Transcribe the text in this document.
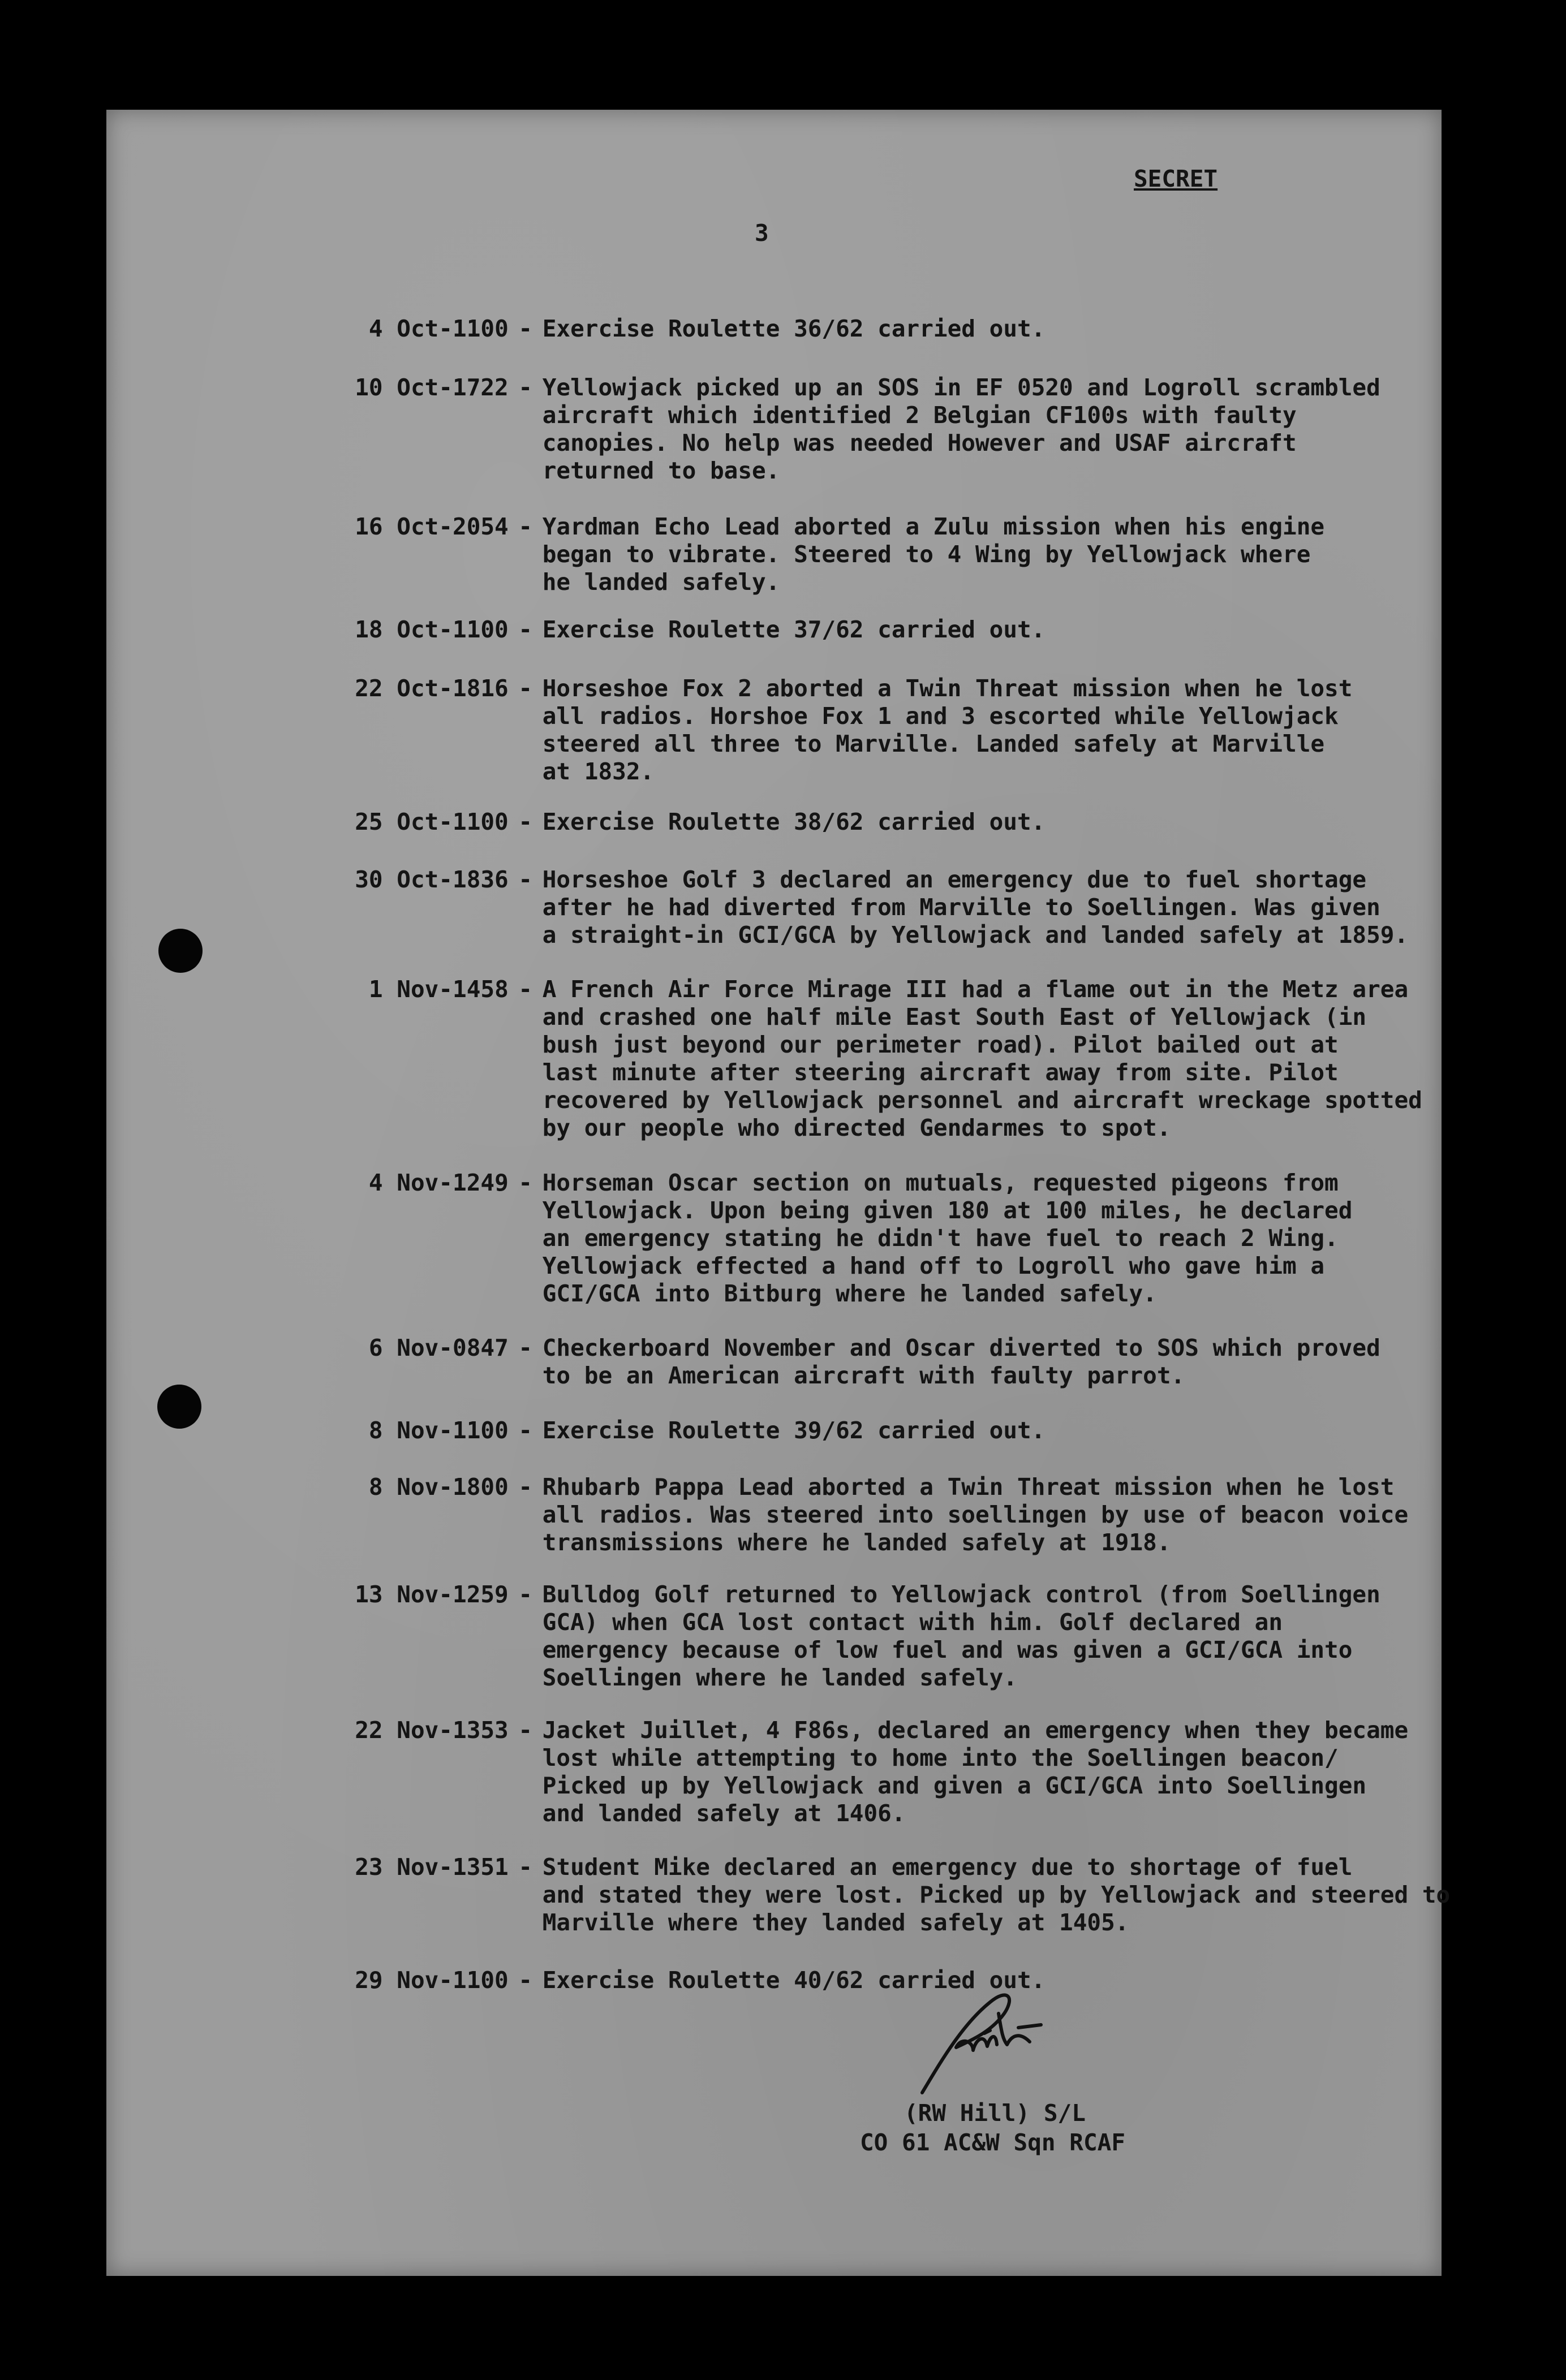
SECRET
3

4 Oct-1100 - Exercise Roulette 36/62 carried out.

10 Oct-1722 - Yellowjack picked up an SOS in EF 0520 and Logroll scrambled
aircraft which identified 2 Belgian CF100s with faulty
canopies. No help was needed However and USAF aircraft
returned to base.

16 Oct-2054 - Yardman Echo Lead aborted a Zulu mission when his engine
began to vibrate. Steered to 4 Wing by Yellowjack where
he landed safely.

18 Oct-1100 - Exercise Roulette 37/62 carried out.

22 Oct-1816 - Horseshoe Fox 2 aborted a Twin Threat mission when he lost
all radios. Horshoe Fox 1 and 3 escorted while Yellowjack
steered all three to Marville. Landed safely at Marville
at 1832.

25 Oct-1100 - Exercise Roulette 38/62 carried out.

30 Oct-1836 - Horseshoe Golf 3 declared an emergency due to fuel shortage
after he had diverted from Marville to Soellingen. Was given
a straight-in GCI/GCA by Yellowjack and landed safely at 1859.

1 Nov-1458 - A French Air Force Mirage III had a flame out in the Metz area
and crashed one half mile East South East of Yellowjack (in
bush just beyond our perimeter road). Pilot bailed out at
last minute after steering aircraft away from site. Pilot
recovered by Yellowjack personnel and aircraft wreckage spotted
by our people who directed Gendarmes to spot.

4 Nov-1249 - Horseman Oscar section on mutuals, requested pigeons from
Yellowjack. Upon being given 180 at 100 miles, he declared
an emergency stating he didn't have fuel to reach 2 Wing.
Yellowjack effected a hand off to Logroll who gave him a
GCI/GCA into Bitburg where he landed safely.

6 Nov-0847 - Checkerboard November and Oscar diverted to SOS which proved
to be an American aircraft with faulty parrot.

8 Nov-1100 - Exercise Roulette 39/62 carried out.

8 Nov-1800 - Rhubarb Pappa Lead aborted a Twin Threat mission when he lost
all radios. Was steered into soellingen by use of beacon voice
transmissions where he landed safely at 1918.

13 Nov-1259 - Bulldog Golf returned to Yellowjack control (from Soellingen
GCA) when GCA lost contact with him. Golf declared an
emergency because of low fuel and was given a GCI/GCA into
Soellingen where he landed safely.

22 Nov-1353 - Jacket Juillet, 4 F86s, declared an emergency when they became
lost while attempting to home into the Soellingen beacon/
Picked up by Yellowjack and given a GCI/GCA into Soellingen
and landed safely at 1406.

23 Nov-1351 - Student Mike declared an emergency due to shortage of fuel
and stated they were lost. Picked up by Yellowjack and steered to
Marville where they landed safely at 1405.

29 Nov-1100 - Exercise Roulette 40/62 carried out.

(RW Hill) S/L
CO 61 AC&W Sqn RCAF
